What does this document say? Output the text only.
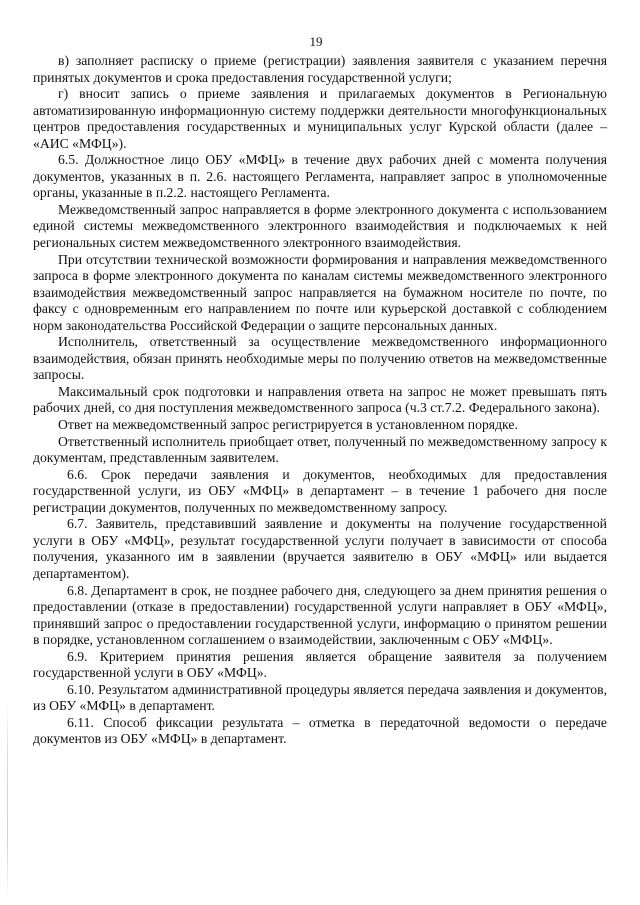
19

в) заполняет расписку о приеме (регистрации) заявления заявителя с указанием перечня принятых документов и срока предоставления государственной услуги;

г) вносит запись о приеме заявления и прилагаемых документов в Региональную автоматизированную информационную систему поддержки деятельности многофункциональных центров предоставления государственных и муниципальных услуг Курской области (далее – «АИС «МФЦ»).

6.5. Должностное лицо ОБУ «МФЦ» в течение двух рабочих дней с момента получения документов, указанных в п. 2.6. настоящего Регламента, направляет запрос в уполномоченные органы, указанные в п.2.2. настоящего Регламента.

Межведомственный запрос направляется в форме электронного документа с использованием единой системы межведомственного электронного взаимодействия и подключаемых к ней региональных систем межведомственного электронного взаимодействия.

При отсутствии технической возможности формирования и направления межведомственного запроса в форме электронного документа по каналам системы межведомственного электронного взаимодействия межведомственный запрос направляется на бумажном носителе по почте, по факсу с одновременным его направлением по почте или курьерской доставкой с соблюдением норм законодательства Российской Федерации о защите персональных данных.

Исполнитель, ответственный за осуществление межведомственного информационного взаимодействия, обязан принять необходимые меры по получению ответов на межведомственные запросы.

Максимальный срок подготовки и направления ответа на запрос не может превышать пять рабочих дней, со дня поступления межведомственного запроса (ч.3 ст.7.2. Федерального закона).

Ответ на межведомственный запрос регистрируется в установленном порядке.

Ответственный исполнитель приобщает ответ, полученный по межведомственному запросу к документам, представленным заявителем.

6.6. Срок передачи заявления и документов, необходимых для предоставления государственной услуги, из ОБУ «МФЦ» в департамент – в течение 1 рабочего дня после регистрации документов, полученных по межведомственному запросу.

6.7. Заявитель, представивший заявление и документы на получение государственной услуги в ОБУ «МФЦ», результат государственной услуги получает в зависимости от способа получения, указанного им в заявлении (вручается заявителю в ОБУ «МФЦ» или выдается департаментом).

6.8. Департамент в срок, не позднее рабочего дня, следующего за днем принятия решения о предоставлении (отказе в предоставлении) государственной услуги направляет в ОБУ «МФЦ», принявший запрос о предоставлении государственной услуги, информацию о принятом решении в порядке, установленном соглашением о взаимодействии, заключенным с ОБУ «МФЦ».

6.9. Критерием принятия решения является обращение заявителя за получением государственной услуги в ОБУ «МФЦ».

6.10. Результатом административной процедуры является передача заявления и документов, из ОБУ «МФЦ» в департамент.

6.11. Способ фиксации результата – отметка в передаточной ведомости о передаче документов из ОБУ «МФЦ» в департамент.
